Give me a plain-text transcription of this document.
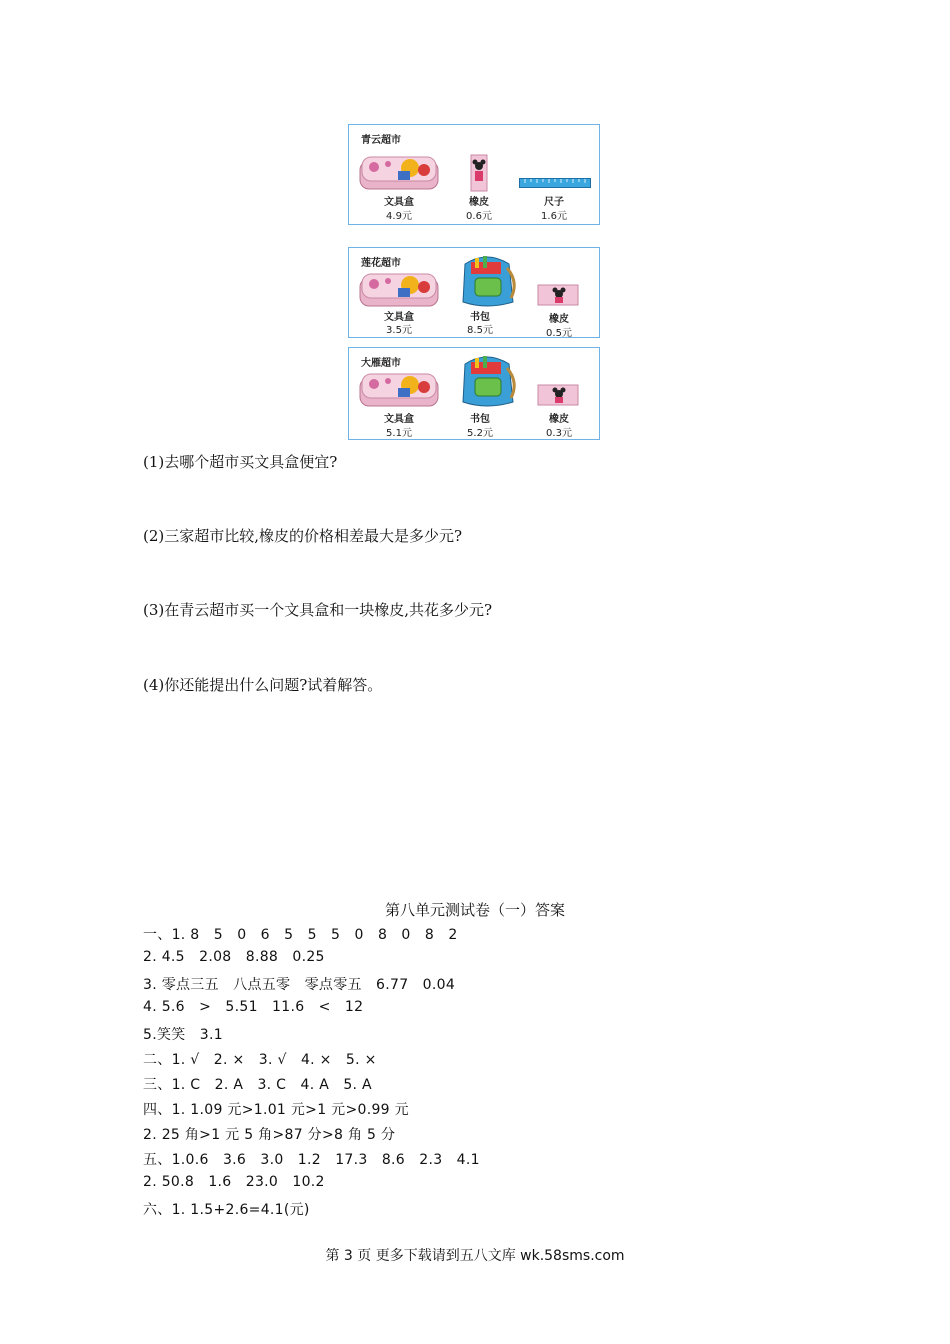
青云超市
文具盒
4.9元
橡皮
0.6元
尺子
1.6元
莲花超市
文具盒
3.5元
书包
8.5元
橡皮
0.5元
大雁超市
文具盒
5.1元
书包
5.2元
橡皮
0.3元
(1)去哪个超市买文具盒便宜?
(2)三家超市比较,橡皮的价格相差最大是多少元?
(3)在青云超市买一个文具盒和一块橡皮,共花多少元?
(4)你还能提出什么问题?试着解答。
第八单元测试卷（一）答案
一、1. 8   5   0   6   5   5   5   0   8   0   8   2
2. 4.5   2.08   8.88   0.25
3. 零点三五   八点五零   零点零五   6.77   0.04
4. 5.6   >   5.51   11.6   <   12
5.笑笑   3.1
二、1. √   2. ×   3. √   4. ×   5. ×
三、1. C   2. A   3. C   4. A   5. A
四、1. 1.09 元>1.01 元>1 元>0.99 元
2. 25 角>1 元 5 角>87 分>8 角 5 分
五、1.0.6   3.6   3.0   1.2   17.3   8.6   2.3   4.1
2. 50.8   1.6   23.0   10.2
六、1. 1.5+2.6=4.1(元)
第 3 页 更多下载请到五八文库 wk.58sms.com
